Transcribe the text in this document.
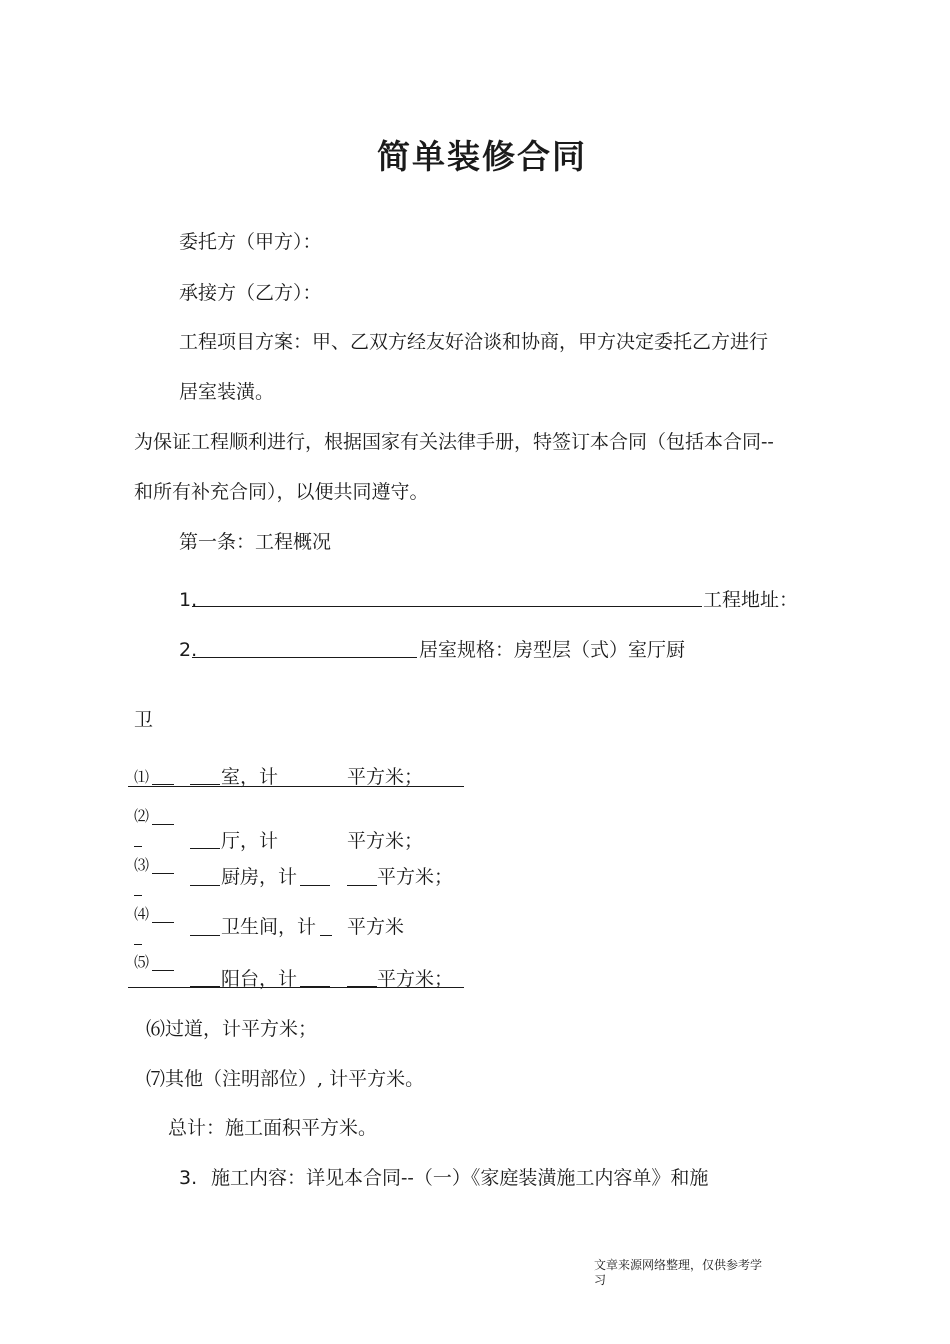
简单装修合同
委托方（甲方）：
承接方（乙方）：
工程项目方案：甲、乙双方经友好洽谈和协商，甲方决定委托乙方进行
居室装潢。
为保证工程顺利进行，根据国家有关法律手册，特签订本合同（包括本合同--
和所有补充合同），以便共同遵守。
第一条：工程概况
1.	工程地址：
2.	居室规格：房型层（式）室厅厨
卫
⑴	室，计	平方米；
⑵
厅，计	平方米；
⑶
厨房，计	平方米；
⑷
卫生间，计 平方米
⑸
阳台，计	平方米；
⑹过道，计平方米；
⑺其他（注明部位）, 计平方米。
总计：施工面积平方米。
3. 施工内容：详见本合同--（一）《家庭装潢施工内容单》和施
文章来源网络整理，仅供参考学
习
